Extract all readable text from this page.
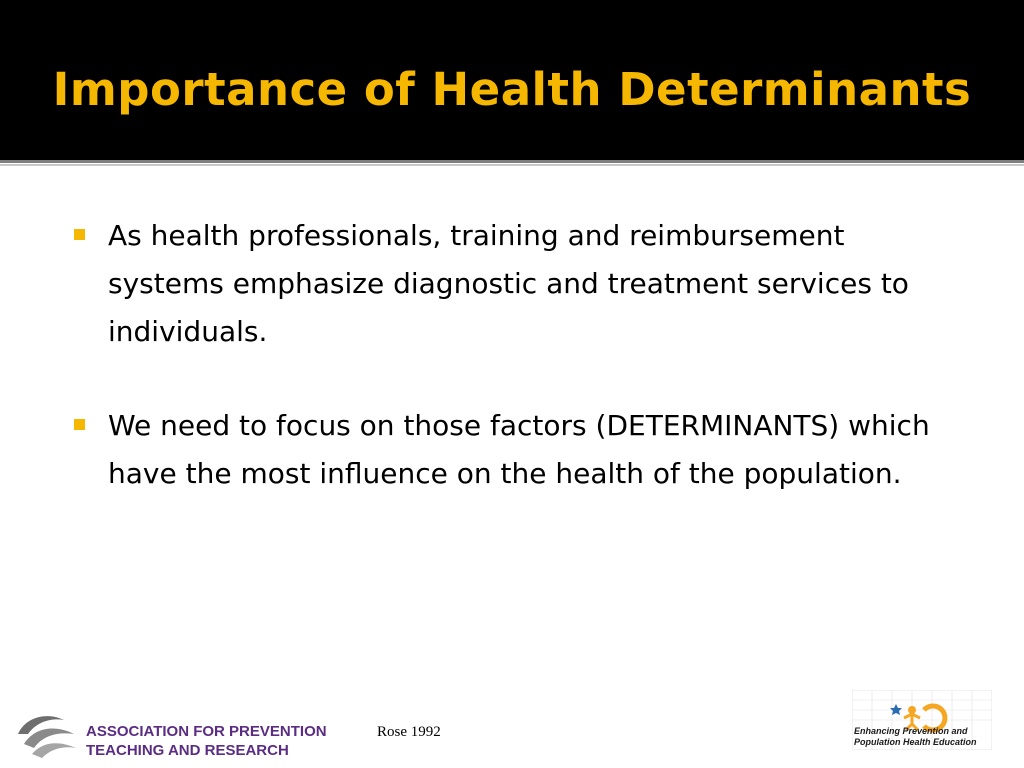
Importance of Health Determinants
As health professionals, training and reimbursement systems emphasize diagnostic and treatment services to individuals.
We need to focus on those factors (DETERMINANTS) which have the most influence on the health of the population.
ASSOCIATION FOR PREVENTION
TEACHING AND RESEARCH
Rose 1992	Enhancing Prevention and
Population Health Education
